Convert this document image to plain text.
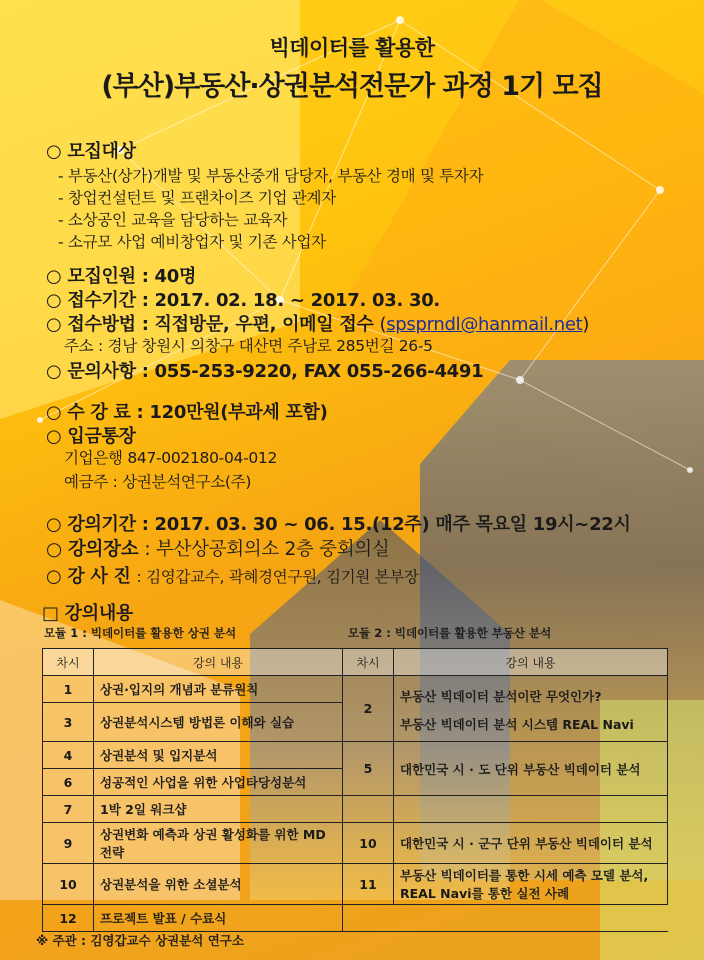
빅데이터를 활용한
(부산)부동산·상권분석전문가 과정 1기 모집
○ 모집대상
- 부동산(상가)개발 및 부동산중개 담당자, 부동산 경매 및 투자자
- 창업컨설턴트 및 프랜차이즈 기업 관계자
- 소상공인 교육을 담당하는 교육자
- 소규모 사업 예비창업자 및 기존 사업자
○ 모집인원 : 40명
○ 접수기간 : 2017. 02. 18. ~ 2017. 03. 30.
○ 접수방법 : 직접방문, 우편, 이메일 접수 (spsprndl@hanmail.net)
주소 : 경남 창원시 의창구 대산면 주남로 285번길 26-5
○ 문의사항 : 055-253-9220, FAX 055-266-4491
○ 수 강 료 : 120만원(부과세 포함)
○ 입금통장
기업은행 847-002180-04-012
예금주 : 상권분석연구소(주)
○ 강의기간 : 2017. 03. 30 ~ 06. 15.(12주) 매주 목요일 19시~22시
○ 강의장소 : 부산상공회의소 2층 중회의실
○ 강 사 진 : 김영갑교수, 곽혜경연구원, 김기원 본부장
□ 강의내용
모듈 1 : 빅데이터를 활용한 상권 분석	모듈 2 : 빅데이터를 활용한 부동산 분석
차시	강의 내용	차시	강의 내용
1	상권·입지의 개념과 분류원칙	2	부동산 빅데이터 분석이란 무엇인가?
부동산 빅데이터 분석 시스템 REAL Navi

3	상권분석시스템 방법론 이해와 실습		
4	상권분석 및 입지분석	5	대한민국 시 · 도 단위 부동산 빅데이터 분석
6	성공적인 사업을 위한 사업타당성분석		
7	1박 2일 워크샵		
9	상권변화 예측과 상권 활성화를 위한 MD전략	10	대한민국 시 · 군구 단위 부동산 빅데이터 분석
10	상권분석을 위한 소셜분석	11	부동산 빅데이터를 통한 시세 예측 모델 분석, REAL Navi를 통한 실전 사례
12	프로젝트 발표 / 수료식		
※ 주관 : 김영갑교수 상권분석 연구소
